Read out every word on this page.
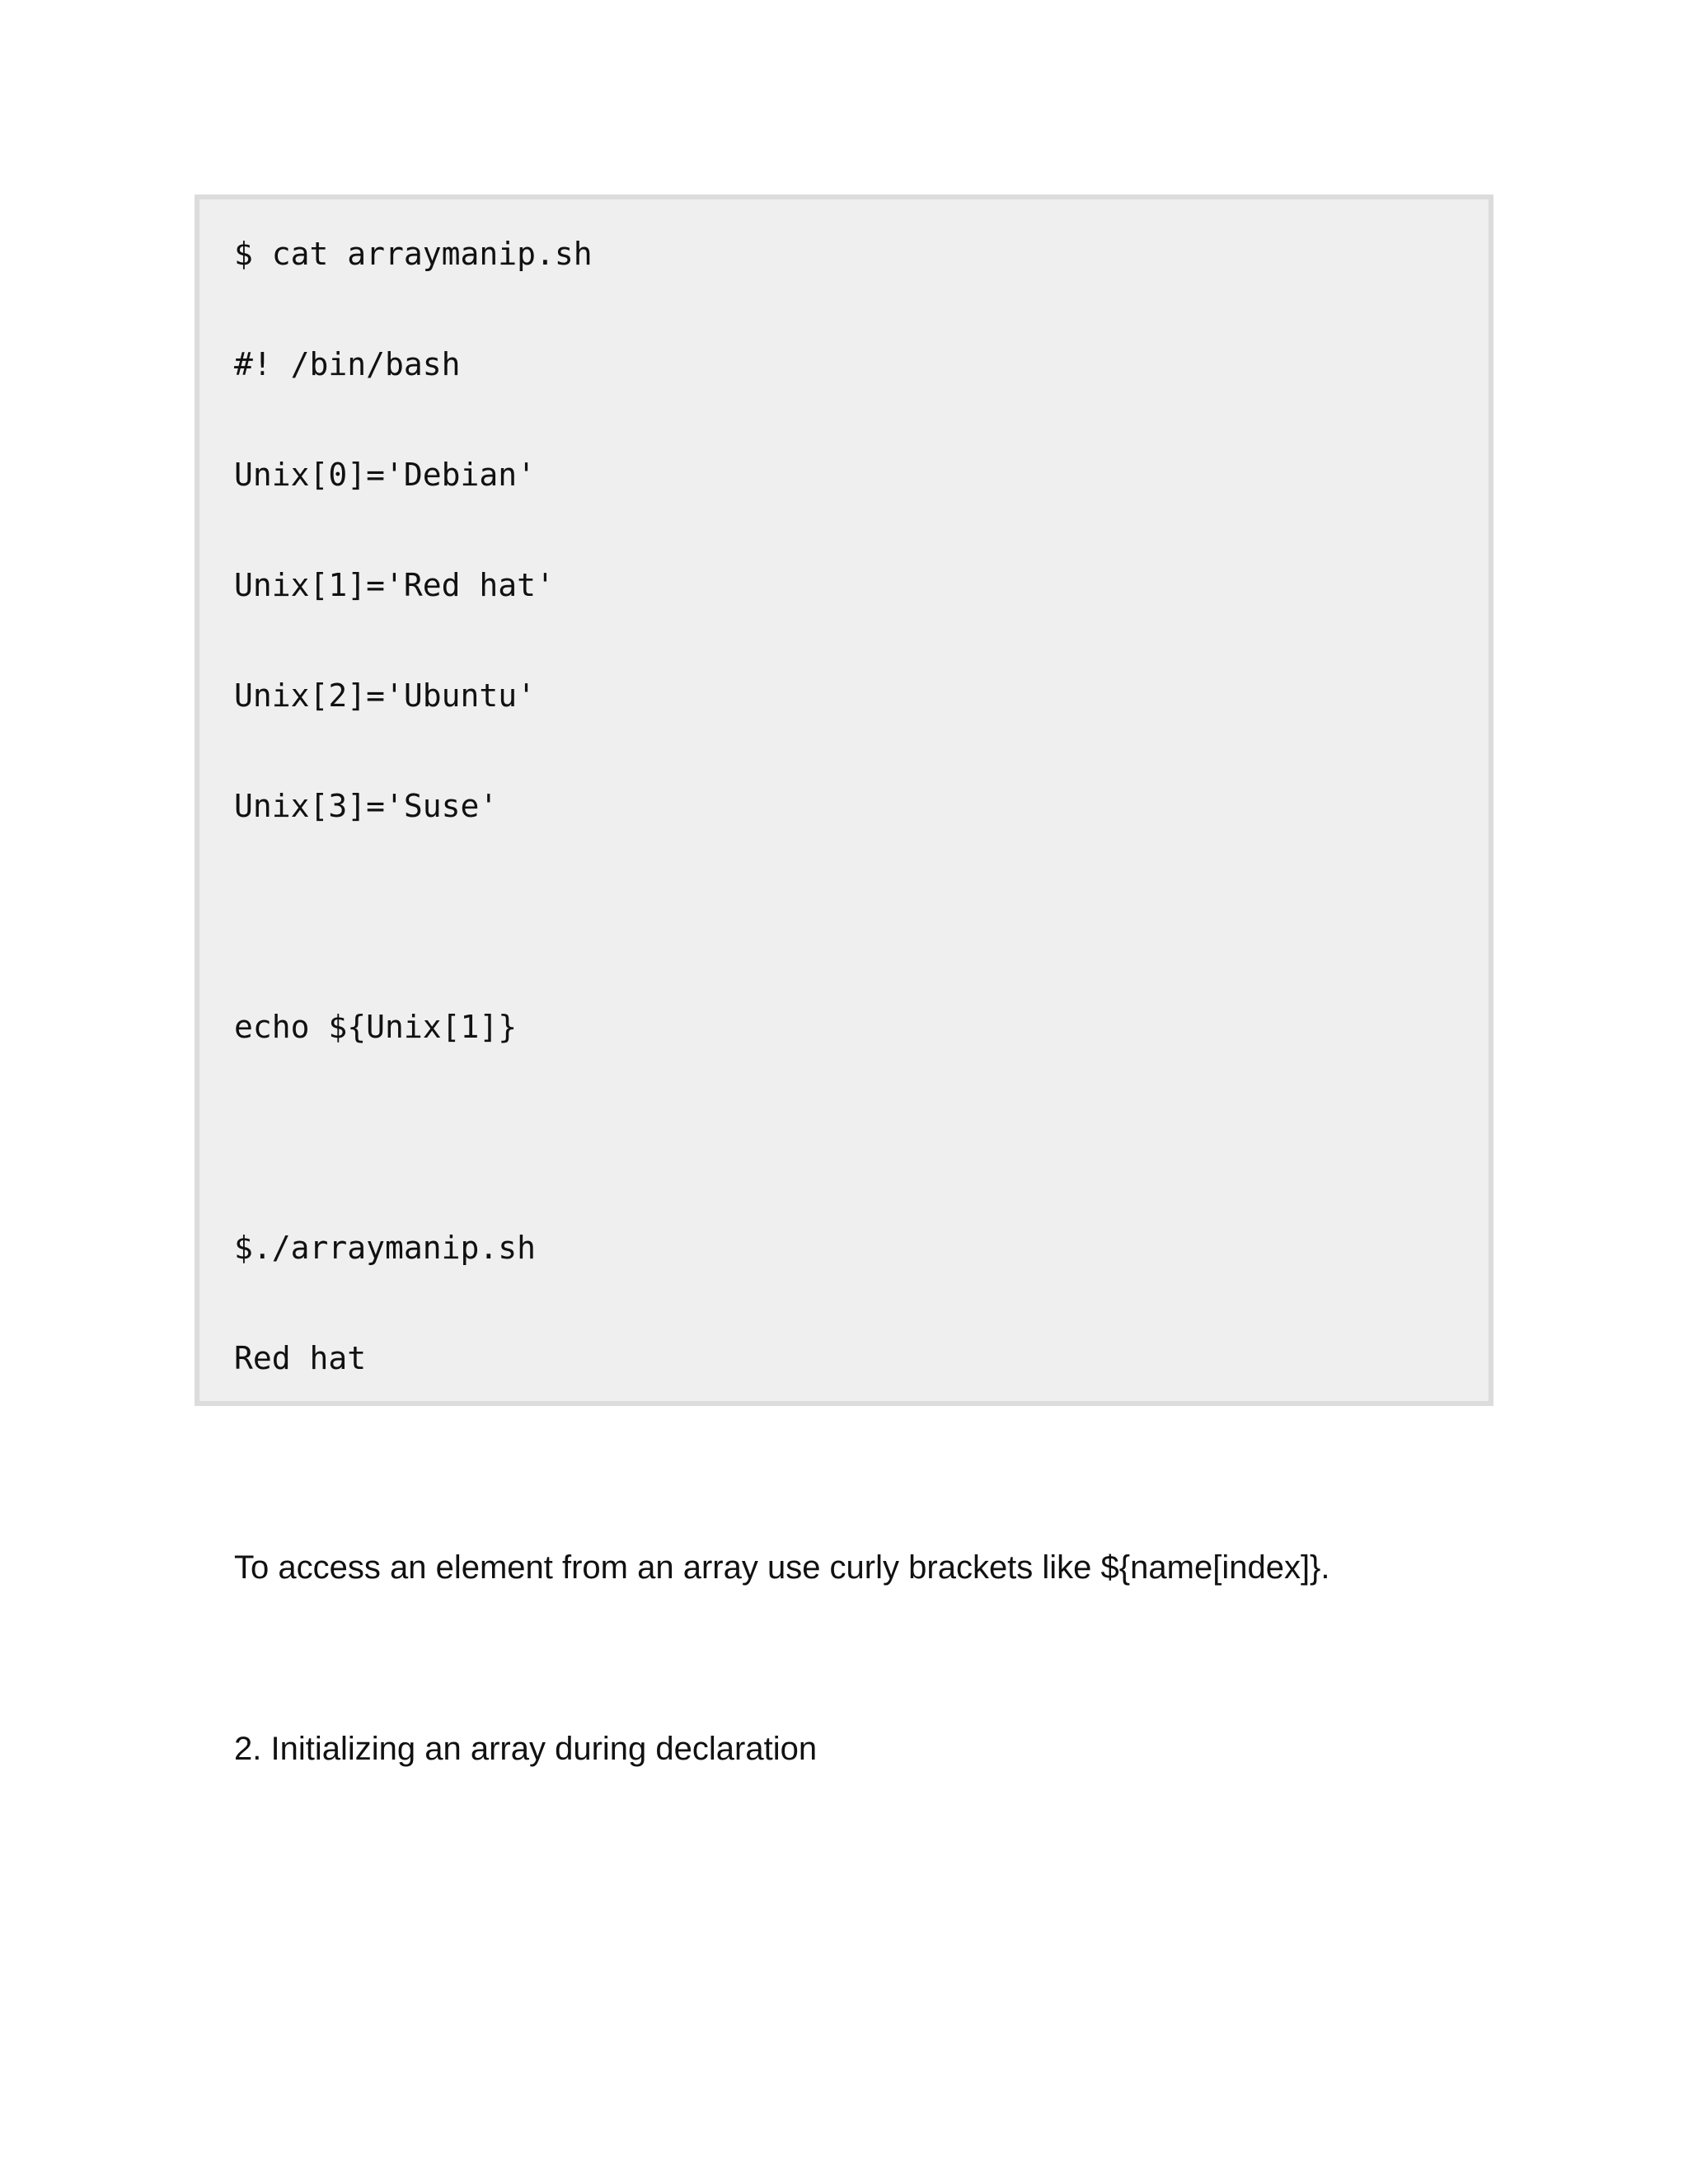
$ cat arraymanip.sh
#! /bin/bash
Unix[0]='Debian'
Unix[1]='Red hat'
Unix[2]='Ubuntu'
Unix[3]='Suse'
echo ${Unix[1]}
$./arraymanip.sh
Red hat
To access an element from an array use curly brackets like ${name[index]}.
2. Initializing an array during declaration
